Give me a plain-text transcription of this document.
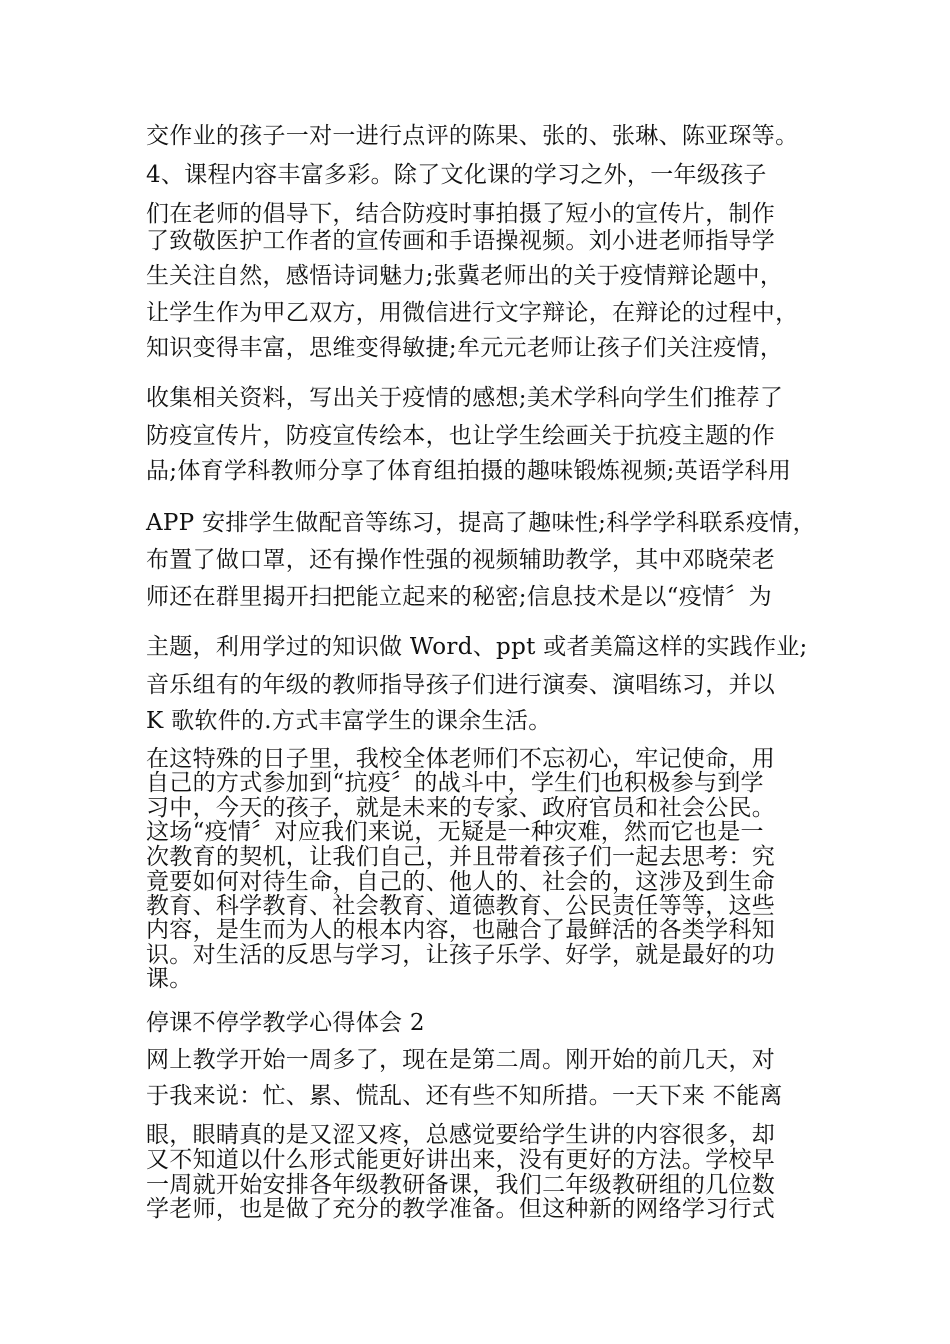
交作业的孩子一对一进行点评的陈果、张的、张琳、陈亚琛等。
4、课程内容丰富多彩。除了文化课的学习之外，一年级孩子
们在老师的倡导下，结合防疫时事拍摄了短小的宣传片，制作
了致敬医护工作者的宣传画和手语操视频。刘小进老师指导学
生关注自然，感悟诗词魅力;张冀老师出的关于疫情辩论题中，
让学生作为甲乙双方，用微信进行文字辩论，在辩论的过程中，
知识变得丰富，思维变得敏捷;牟元元老师让孩子们关注疫情，
收集相关资料，写出关于疫情的感想;美术学科向学生们推荐了
防疫宣传片，防疫宣传绘本，也让学生绘画关于抗疫主题的作
品;体育学科教师分享了体育组拍摄的趣味锻炼视频;英语学科用
APP 安排学生做配音等练习，提高了趣味性;科学学科联系疫情，
布置了做口罩，还有操作性强的视频辅助教学，其中邓晓荣老
师还在群里揭开扫把能立起来的秘密;信息技术是以“疫情〞为
主题，利用学过的知识做 Word、ppt 或者美篇这样的实践作业;
音乐组有的年级的教师指导孩子们进行演奏、演唱练习，并以
K 歌软件的.方式丰富学生的课余生活。
在这特殊的日子里，我校全体老师们不忘初心，牢记使命，用
自己的方式参加到“抗疫〞的战斗中，学生们也积极参与到学
习中，今天的孩子，就是未来的专家、政府官员和社会公民。
这场“疫情〞对应我们来说，无疑是一种灾难，然而它也是一
次教育的契机，让我们自己，并且带着孩子们一起去思考：究
竟要如何对待生命，自己的、他人的、社会的，这涉及到生命
教育、科学教育、社会教育、道德教育、公民责任等等，这些
内容，是生而为人的根本内容，也融合了最鲜活的各类学科知
识。对生活的反思与学习，让孩子乐学、好学，就是最好的功
课。
停课不停学教学心得体会 2
网上教学开始一周多了，现在是第二周。刚开始的前几天，对
于我来说：忙、累、慌乱、还有些不知所措。一天下来 不能离
眼，眼睛真的是又涩又疼，总感觉要给学生讲的内容很多，却
又不知道以什么形式能更好讲出来，没有更好的方法。学校早
一周就开始安排各年级教研备课，我们二年级教研组的几位数
学老师，也是做了充分的教学准备。但这种新的网络学习行式
